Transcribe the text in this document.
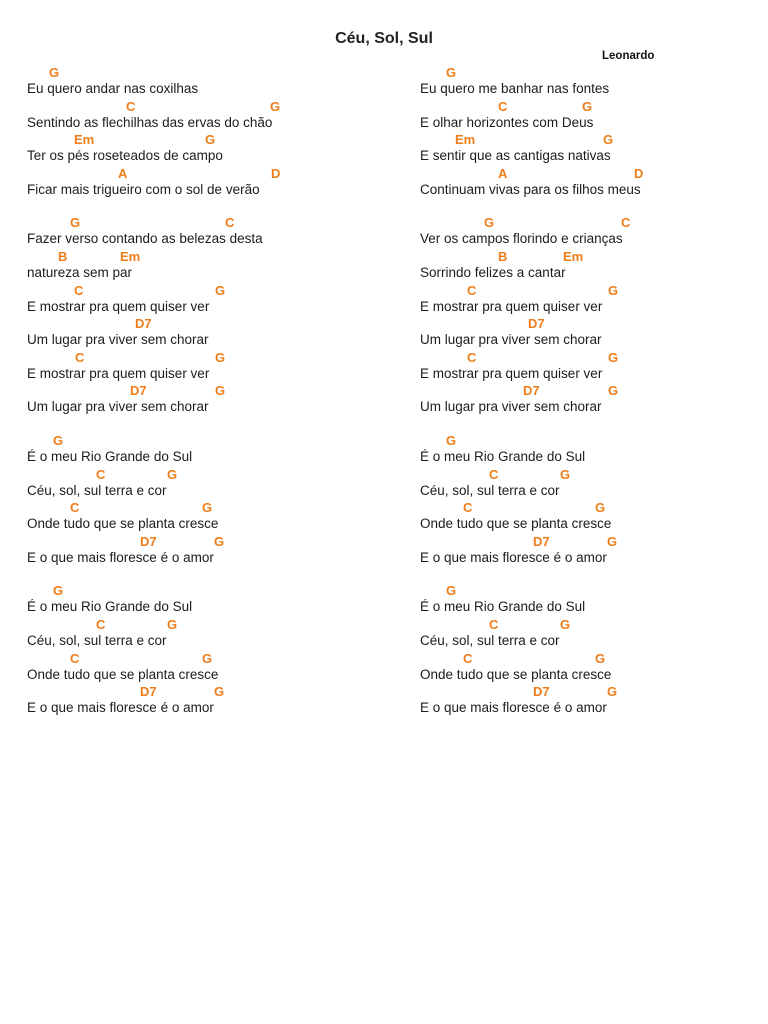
Céu, Sol, Sul
Leonardo
G
Eu quero andar nas coxilhas
C	G
Sentindo as flechilhas das ervas do chão
Em	G
Ter os pés roseteados de campo
A	D
Ficar mais trigueiro com o sol de verão
G	C
Fazer verso contando as belezas desta
B	Em
natureza sem par
C	G
E mostrar pra quem quiser ver
D7
Um lugar pra viver sem chorar
C	G
E mostrar pra quem quiser ver
D7	G
Um lugar pra viver sem chorar
G
É o meu Rio Grande do Sul
C	G
Céu, sol, sul terra e cor
C	G
Onde tudo que se planta cresce
D7	G
E o que mais floresce é o amor
G
É o meu Rio Grande do Sul
C	G
Céu, sol, sul terra e cor
C	G
Onde tudo que se planta cresce
D7	G
E o que mais floresce é o amor
G
Eu quero me banhar nas fontes
C	G
E olhar horizontes com Deus
Em	G
E sentir que as cantigas nativas
A	D
Continuam vivas para os filhos meus
G	C
Ver os campos florindo e crianças
B	Em
Sorrindo felizes a cantar
C	G
E mostrar pra quem quiser ver
D7
Um lugar pra viver sem chorar
C	G
E mostrar pra quem quiser ver
D7	G
Um lugar pra viver sem chorar
G
É o meu Rio Grande do Sul
C	G
Céu, sol, sul terra e cor
C	G
Onde tudo que se planta cresce
D7	G
E o que mais floresce é o amor
G
É o meu Rio Grande do Sul
C	G
Céu, sol, sul terra e cor
C	G
Onde tudo que se planta cresce
D7	G
E o que mais floresce é o amor
